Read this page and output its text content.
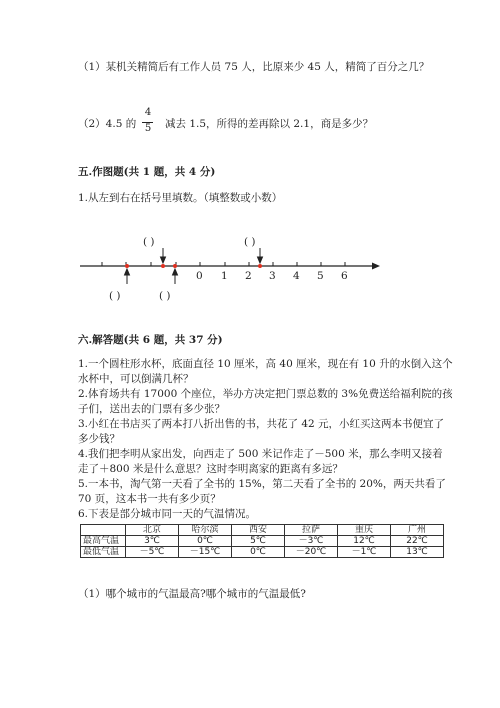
（1）某机关精简后有工作人员 75 人，比原来少 45 人，精简了百分之几？
（2）4.5 的
4
5 减去 1.5，所得的差再除以 2.1，商是多少？
五.作图题(共 1 题，共 4 分)
1.从左到右在括号里填数。（填整数或小数）
( )	( )
( )	( )
0 1 2 3 4 5 6
六.解答题(共 6 题，共 37 分)
1.一个圆柱形水杯，底面直径 10 厘米，高 40 厘米，现在有 10 升的水倒入这个
水杯中，可以倒满几杯？
2.体育场共有 17000 个座位，举办方决定把门票总数的 3%免费送给福利院的孩
子们，送出去的门票有多少张？
3.小红在书店买了两本打八折出售的书，共花了 42 元，小红买这两本书便宜了
多少钱？
4.我们把李明从家出发，向西走了 500 米记作走了－500 米，那么李明又接着
走了＋800 米是什么意思？这时李明离家的距离有多远？
5.一本书，淘气第一天看了全书的 15%，第二天看了全书的 20%，两天共看了
70 页，这本书一共有多少页？
6.下表是部分城市同一天的气温情况。
	北京	哈尔滨	西安	拉萨	重庆	广州
最高气温	3℃	0℃	5℃	－3℃	12℃	22℃
最低气温	－5℃	－15℃	0℃	－20℃	－1℃	13℃
（1）哪个城市的气温最高?哪个城市的气温最低?
